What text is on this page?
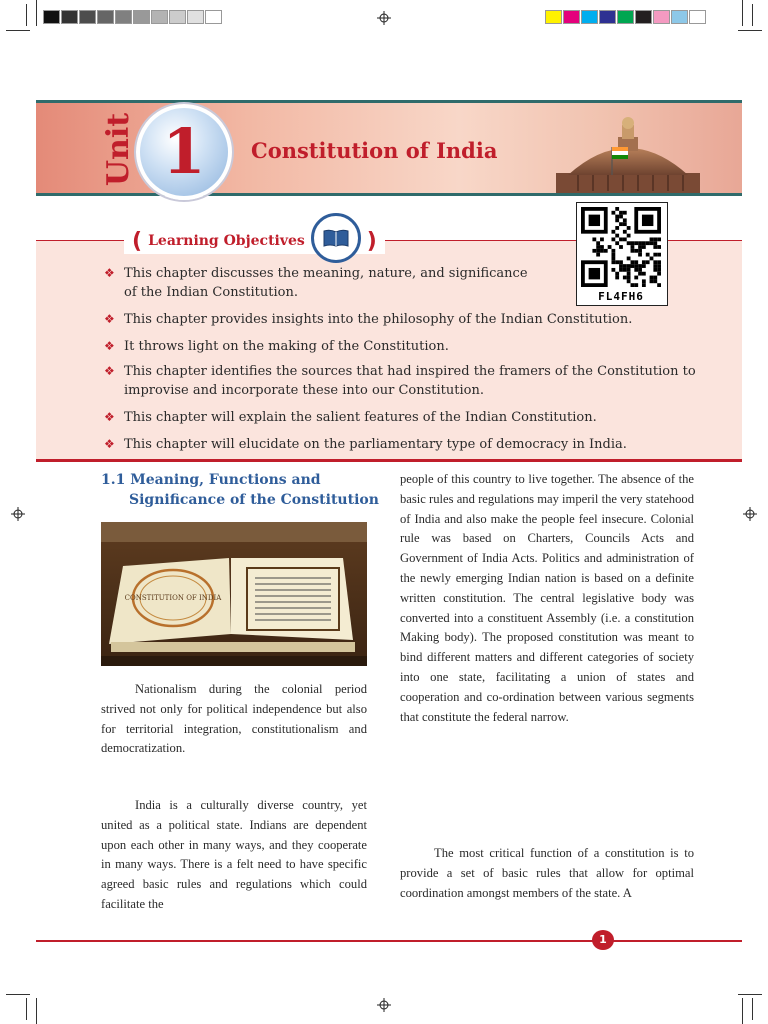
Unit 1	Constitution of India
( Learning Objectives	)
FL4FH6
❖ This chapter discusses the meaning, nature, and significance
of the Indian Constitution.
❖ This chapter provides insights into the philosophy of the Indian Constitution.
❖ It throws light on the making of the Constitution.
❖ This chapter identifies the sources that had inspired the framers of the Constitution to
improvise and incorporate these into our Constitution.
❖ This chapter will explain the salient features of the Indian Constitution.
❖ This chapter will elucidate on the parliamentary type of democracy in India.
1.1 Meaning, Functions and
Significance of the Constitution
CONSTITUTION OF INDIA
Nationalism during the colonial period strived not only for political independence but also for territorial integration, constitutionalism and democratization.
India is a culturally diverse country, yet united as a political state. Indians are dependent upon each other in many ways, and they cooperate in many ways. There is a felt need to have specific agreed basic rules and regulations which could facilitate the
people of this country to live together. The absence of the basic rules and regulations may imperil the very statehood of India and also make the people feel insecure. Colonial rule was based on Charters, Councils Acts and Government of India Acts. Politics and administration of the newly emerging Indian nation is based on a definite written constitution. The central legislative body was converted into a constituent Assembly (i.e. a constitution Making body). The proposed constitution was meant to bind different matters and different categories of society into one state, facilitating a union of states and cooperation and co-ordination between various segments that constitute the federal narrow.
The most critical function of a constitution is to provide a set of basic rules that allow for optimal coordination amongst members of the state. A
1
